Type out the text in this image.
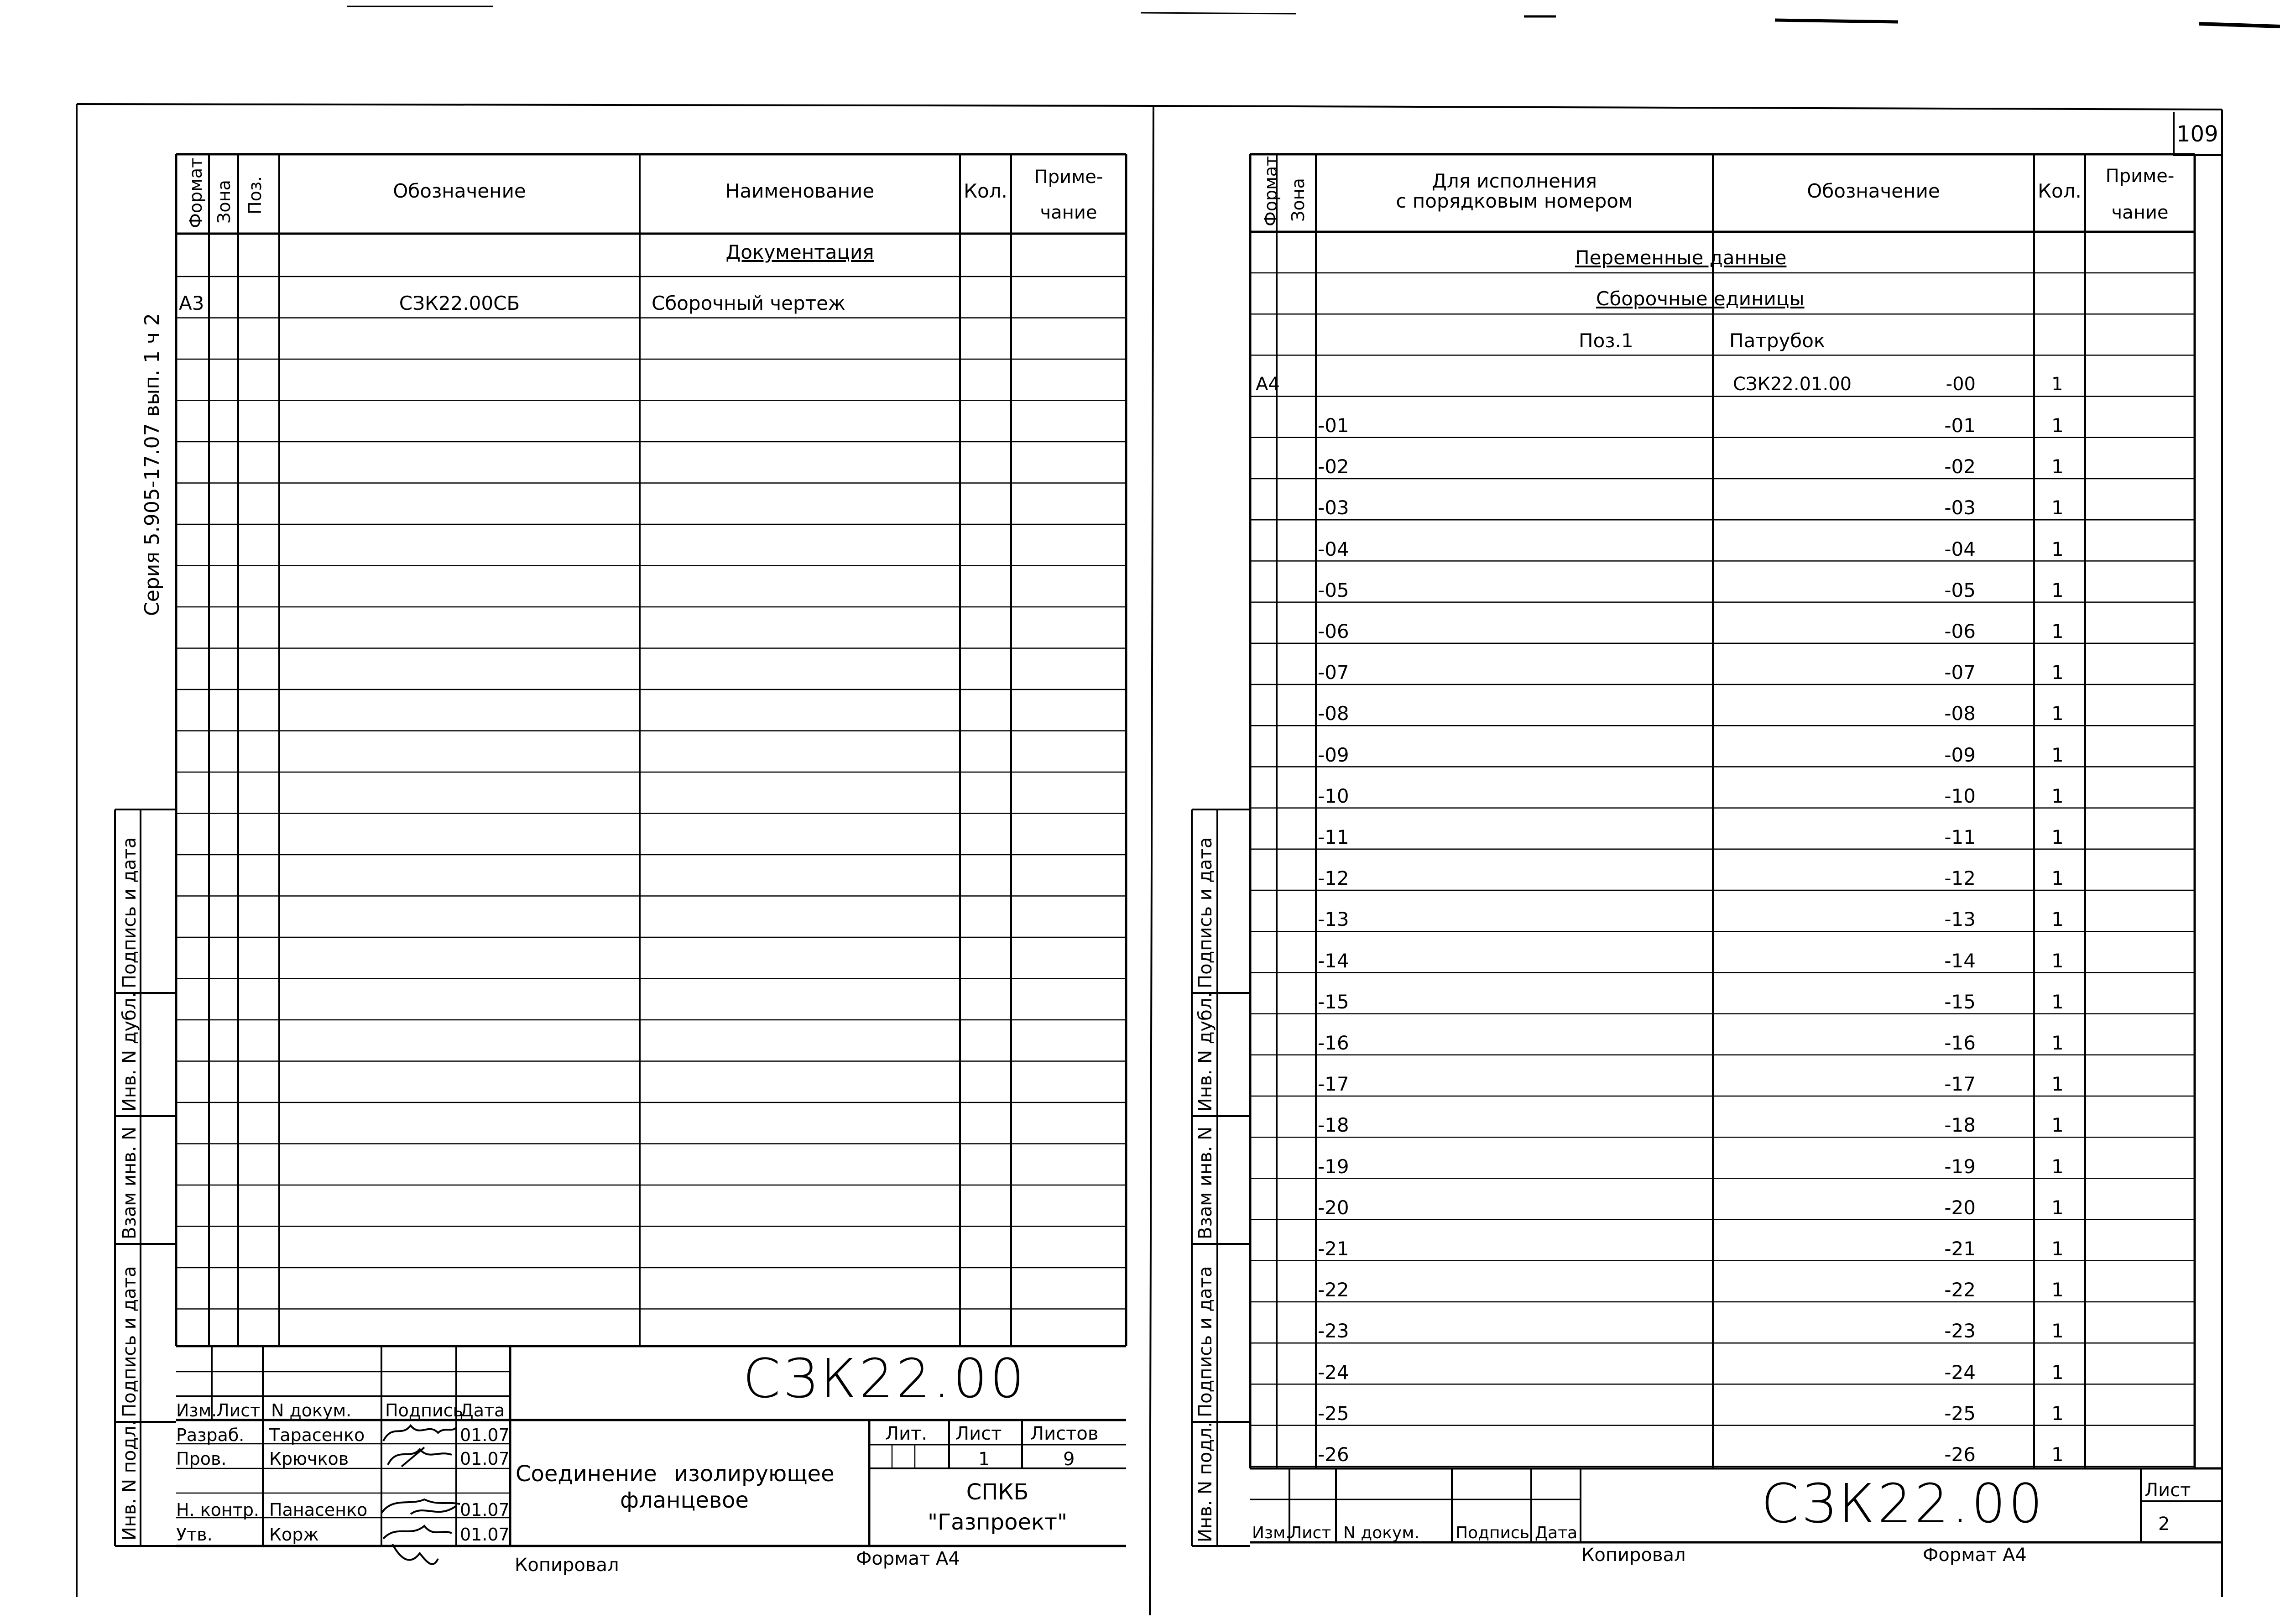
109
Серия 5.905-17.07 вып. 1 ч 2
Формат Зона Поз.	Обозначение	Наименование	Кол.
Приме-
чание
Документация
А3	СЗК22.00СБ	Сборочный чертеж
Подпись и дата
Инв. N дубл.
Взам инв. N
Подпись и дата
Инв. N подл.
СЗК22.00
Изм.
Лист N докум. Подпись
Дата
Разраб. Тарасенко	01.07
Пров. Крючков	01.07
Н. контр. Панасенко	01.07
Утв.	Корж	01.07
Соединение изолирующее
фланцевое
Лит. Лист Листов
1	9
СПКБ
"Газпроект"
Копировал	Формат А4
Формат Зона	Для исполнения
с порядковым номером	Обозначение	Кол.
Приме-
чание
Переменные данные
Сборочные единицы
Поз.1	Патрубок
А4	СЗК22.01.00	-00	1
-01	-01	1
-02	-02	1
-03	-03	1
-04	-04	1
-05	-05	1
-06	-06	1
-07	-07	1
-08	-08	1
-09	-09	1
-10	-10	1
-11	-11	1
-12	-12	1
-13	-13	1
-14	-14	1
-15	-15	1
-16	-16	1
-17	-17	1
-18	-18	1
-19	-19	1
-20	-20	1
-21	-21	1
-22	-22	1
-23	-23	1
-24	-24	1
-25	-25	1
-26	-26	1
Подпись и дата
Инв. N дубл.
Взам инв. N
Подпись и дата
Инв. N подл.	СЗК22.00
Изм.
Лист N докум. Подпись Дата
Лист
2
Копировал	Формат А4
